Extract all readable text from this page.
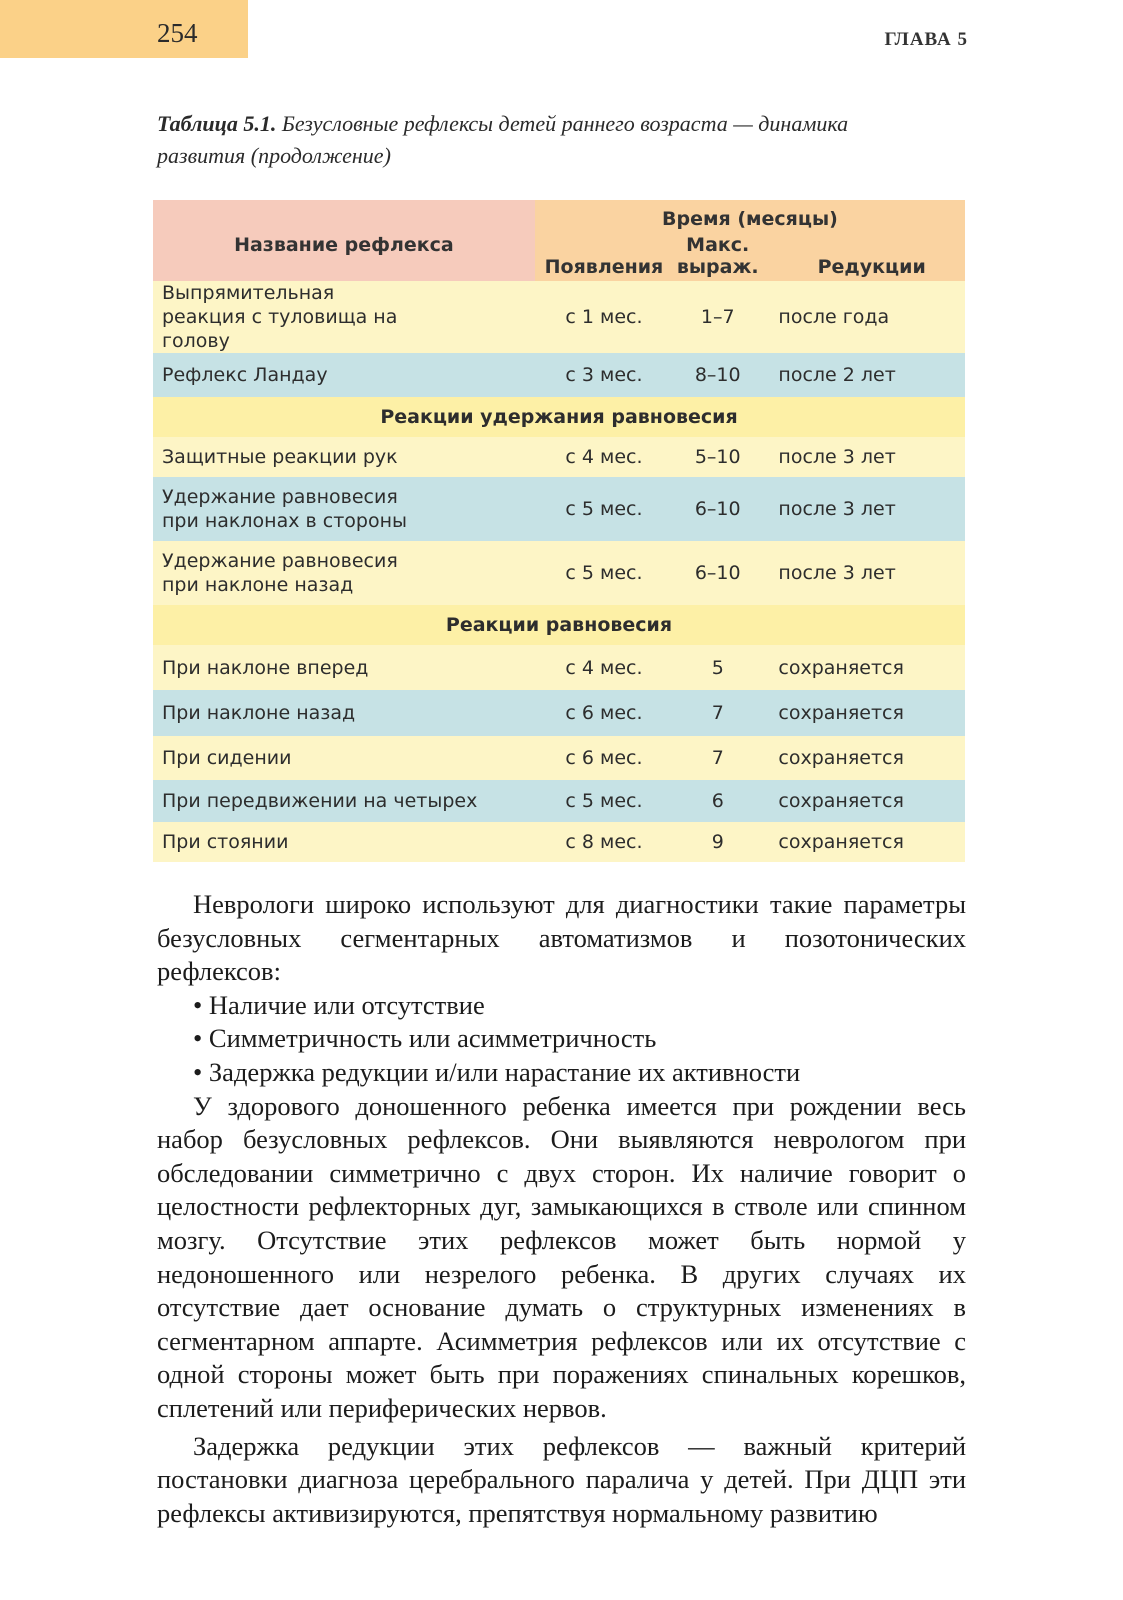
254	ГЛАВА 5
Таблица 5.1. Безусловные рефлексы детей раннего возраста — динамика развития (продолжение)
Название рефлекса	Время (месяцы)		
	Появления	Макс. выраж.	Редукции
Выпрямительная реакция с туловища на голову	с 1 мес.	1–7	после года
Рефлекс Ландау	с 3 мес.	8–10	после 2 лет
Реакции удержания равновесия			
Защитные реакции рук	с 4 мес.	5–10	после 3 лет
Удержание равновесия при наклонах в стороны	с 5 мес.	6–10	после 3 лет
Удержание равновесия при наклоне назад	с 5 мес.	6–10	после 3 лет
Реакции равновесия			
При наклоне вперед	с 4 мес.	5	сохраняется
При наклоне назад	с 6 мес.	7	сохраняется
При сидении	с 6 мес.	7	сохраняется
При передвижении на четырех	с 5 мес.	6	сохраняется
При стоянии	с 8 мес.	9	сохраняется

Неврологи широко используют для диагностики такие параметры безусловных сегментарных автоматизмов и позотонических рефлексов:

• Наличие или отсутствие
• Симметричность или асимметричность
• Задержка редукции и/или нарастание их активности

У здорового доношенного ребенка имеется при рождении весь набор безусловных рефлексов. Они выявляются неврологом при обследовании симметрично с двух сторон. Их наличие говорит о целостности рефлекторных дуг, замыкающихся в стволе или спинном мозгу. Отсутствие этих рефлексов может быть нормой у недоношенного или незрелого ребенка. В других случаях их отсутствие дает основание думать о структурных изменениях в сегментарном аппарте. Асимметрия рефлексов или их отсутствие с одной стороны может быть при поражениях спинальных корешков, сплетений или периферических нервов.

Задержка редукции этих рефлексов — важный критерий постановки диагноза церебрального паралича у детей. При ДЦП эти рефлексы активизируются, препятствуя нормальному развитию
